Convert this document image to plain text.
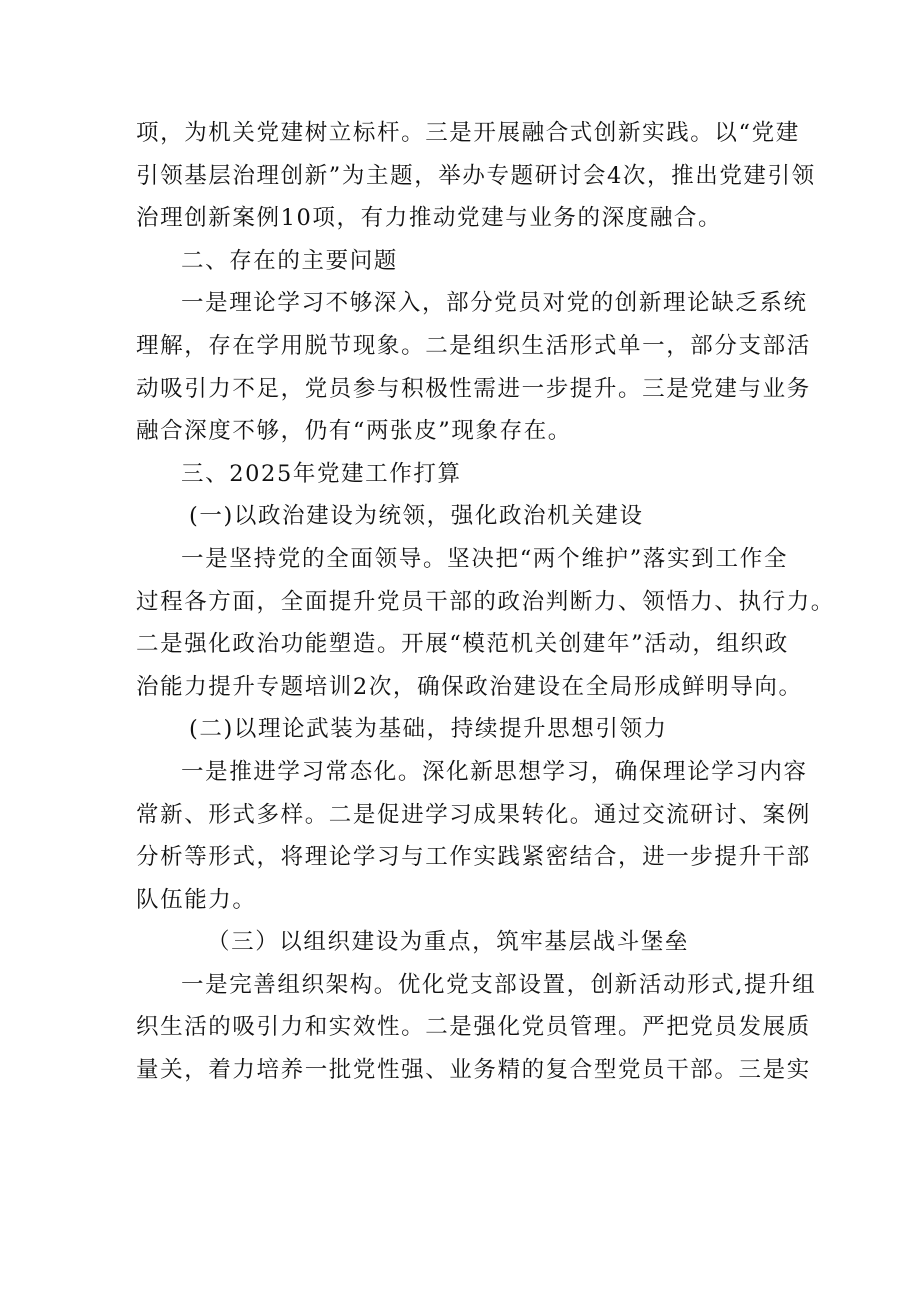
项，为机关党建树立标杆。三是开展融合式创新实践。以“党建
引领基层治理创新”为主题，举办专题研讨会4次，推出党建引领
治理创新案例10项，有力推动党建与业务的深度融合。
二、存在的主要问题
一是理论学习不够深入，部分党员对党的创新理论缺乏系统
理解，存在学用脱节现象。二是组织生活形式单一，部分支部活
动吸引力不足，党员参与积极性需进一步提升。三是党建与业务
融合深度不够，仍有“两张皮”现象存在。
三、2025年党建工作打算
(一)以政治建设为统领，强化政治机关建设
一是坚持党的全面领导。坚决把“两个维护”落实到工作全
过程各方面，全面提升党员干部的政治判断力、领悟力、执行力。
二是强化政治功能塑造。开展“模范机关创建年”活动，组织政
治能力提升专题培训2次，确保政治建设在全局形成鲜明导向。
(二)以理论武装为基础，持续提升思想引领力
一是推进学习常态化。深化新思想学习，确保理论学习内容
常新、形式多样。二是促进学习成果转化。通过交流研讨、案例
分析等形式，将理论学习与工作实践紧密结合，进一步提升干部
队伍能力。
（三）以组织建设为重点，筑牢基层战斗堡垒
一是完善组织架构。优化党支部设置，创新活动形式,提升组
织生活的吸引力和实效性。二是强化党员管理。严把党员发展质
量关，着力培养一批党性强、业务精的复合型党员干部。三是实
